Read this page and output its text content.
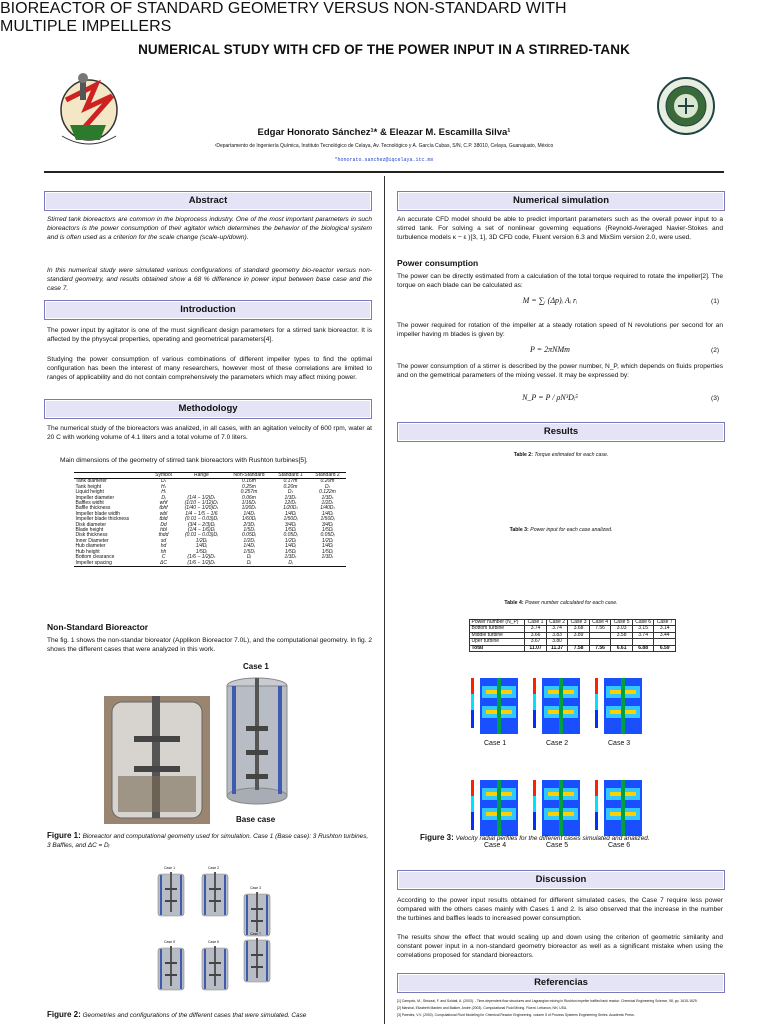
NUMERICAL STUDY WITH CFD OF THE POWER INPUT IN A STIRRED-TANK
BIOREACTOR OF STANDARD GEOMETRY VERSUS NON-STANDARD WITH
MULTIPLE IMPELLERS
Edgar Honorato Sánchez¹* & Eleazar M. Escamilla Silva¹
¹Departamento de Ingeniería Química, Instituto Tecnológico de Celaya, Av. Tecnológico y A. García Cubas, S/N, C.P. 38010, Celaya, Guanajuato, México
*honorato.sanchez@iqcelaya.itc.mx
Abstract
Stirred tank bioreactors are common in the bioprocess industry. One of the most important parameters in such bioreactors is the power consumption of their agitator which determines the behavior of the biological system and is often used as a criterion for the scale change (scale-up/down).
In this numerical study were simulated various configurations of standard geometry bio-reactor versus non-standard geometry, and results obtained show a 68 % difference in power input between base case and the case 7.
Introduction
The power input by agitator is one of the must significant design parameters for a stirred tank bioreactor. It is affected by the physycal properties, operating and geometrical parameters[4].
Studying the power consumption of various combinations of different impeller types to find the optimal configuration has been the interest of many researchers, however most of these correlations are limited to ranges of applicability and do not contain comprehensively the parameters which may affect mixing power.
Methodology
The numerical study of the bioreactors was analized, in all cases, with an agitation velocity of 600 rpm, water at 20 C with working volume of 4.1 liters and a total volume of 7.0 liters.
Main dimensions of the geometry of stirred tank bioreactors with Rushton turbines[5].
	Symbol	Range	Non-Standard	Standard 1	Standard 2
Tank diameter	Dₜ		0.16m	0.17m	0.20m
Tank height	Hₜ		0.25m	0.20m	Dₜ
Liquid height	Hₗ		0.257m	Dₜ	0.122m
Impeller diameter	Dᵢ	(1/4 − 1/2)Dₜ	0.06m	1/3Dₜ	1/3Dₜ
Baffles widht	whf	(1/10 − 1/12)Dₜ	1/16Dₜ	12/Dₜ	1/2Dₜ
Baffle thickness	tbhf	(1/40 − 1/20)Dₜ	1/20Dₜ	1/20Dₜ	1/40Dₜ
Impeller blade width	wbl	1/4 − 1/5 − 1/6	1/4Dᵢ	1/4Dᵢ	1/4Dᵢ
Impeller blade thickness	tbld	(0.01 − 0.03)Dᵢ	1/60Dᵢ	1/50Dᵢ	1/50Dᵢ
Disk diameter	Dd	(3/4 − 2/3)Dᵢ	2/3Dᵢ	3/4Dᵢ	3/4Dᵢ
Blade height	hbl	(1/4 − 1/6)Dᵢ	1/5Dᵢ	1/5Dᵢ	1/5Dᵢ
Disk thickness	thdd	(0.01 − 0.03)Dᵢ	0.05Dᵢ	0.05Dᵢ	0.05Dᵢ
Inner Diameter	sd	1/2Dᵢ	1/2Dᵢ	1/2Dᵢ	1/2Dᵢ
Hub diameter	hd	1/4Dᵢ	1/4Dᵢ	1/4Dᵢ	1/4Dᵢ
Hub height	hh	1/5Dᵢ	1/5Dᵢ	1/5Dᵢ	1/5Dᵢ
Bottom clearance	C	(1/6 − 1/2)Dₜ	Dᵢ	1/3Dₜ	1/3Dₜ
Impeller spacing	ΔC	(1/6 − 1/2)Dₜ	Dᵢ	Dᵢ	
Non-Standard Bioreactor
The fig. 1 shows the non-standar bioreator (Applikon Bioreactor 7.0L), and the computational geometry. In fig. 2 shows the different cases that were analyzed in this work.
Case 1
Base case
Figure 1: Bioreactor and computational geometry used for simulation. Case 1 (Base case): 3 Rushton turbines, 3 Baffles, and ΔC = Dᵢ
Case 1	Case 2
Case 3
Case 5	Case 6
Case 7
Figure 2: Geometries and configurations of the different cases that were simulated. Case
Numerical simulation
An accurate CFD model should be able to predict important parameters such as the overall power input to a stirred tank. For solving a set of nonlinear governing equations (Reynold-Averaged Navier-Stokes and turbulence models κ − ε )[3, 1], 3D CFD code, Fluent version 6.3 and MixSim version 2.0, were used.
Power consumption
The power can be directly estimated from a calculation of the total torque required to rotate the impeller[2]. The torque on each blade can be calculated as:
M = ∑ᵢ (Δp)ᵢ Aᵢ rᵢ	(1)
The power required for rotation of the impeller at a steady rotation speed of N revolutions per second for an impeller having m blades is given by:
P = 2πNMm	(2)
The power consumption of a stirrer is described by the power number, N_P, which depends on fluids properties and on the gemetrical parameters of the mixing vessel. It may be expressed by:
N_P = P / ρN³Dᵢ⁵	(3)
Results
Table 2: Torque estimated for each case.
Table 3: Power input for each case analized.
Table 4: Power number calculated for each case.
Power number (N_P)	Case 1	Case 2	Case 3	Case 4	Case 5	Case 6	Case 7
Bottom turbine	3.74	3.74	3.68	7.56	3.03	3.15	3.14
Middle turbine	3.66	3.83	3.89		3.58	3.74	3.44
Uper turbine	3.67	3.80					
Total	11.07	11.37	7.58	7.56	6.61	6.88	6.59
Case 1	Case 2	Case 3
Case 4	Case 5	Case 6
Figure 3: Velocity radial perfiles for the different cases simulated and analized.
Discussion
According to the power input results obtained for different simulated cases, the Case 7 require less power compared with the others cases mainly with Cases 1 and 2. Is also observed that the increase in the number the turbines and baffles leads to increased power consumption.
The results show the effect that would scaling up and down using the criterion of geometric similarity and constant power input in a non-standard geometry bioreactor as well as a significant mistake when using the correlations proposed for standard bioreactors.
Referencias
[1] Campolo, M., Sbrizzai, F. and Soldati, A. (2003). - Time-dependent flow structures and Lagrangian mixing in Rushton impeller baffled tank reactor. Chemical Engineering Science, 58, pp. 1615-1629.
[2] Marshal, Elizabeth Marden and Bakker, André (2003). Computational Fluid Mixing. Fluent. Lebanon, NH, USA.
[3] Paredes, V.V. (2000). Computational Fluid Modeling for Chemical Reactor Engineering. volume 5 of Process Systems Engineering Series. Academic Press.
